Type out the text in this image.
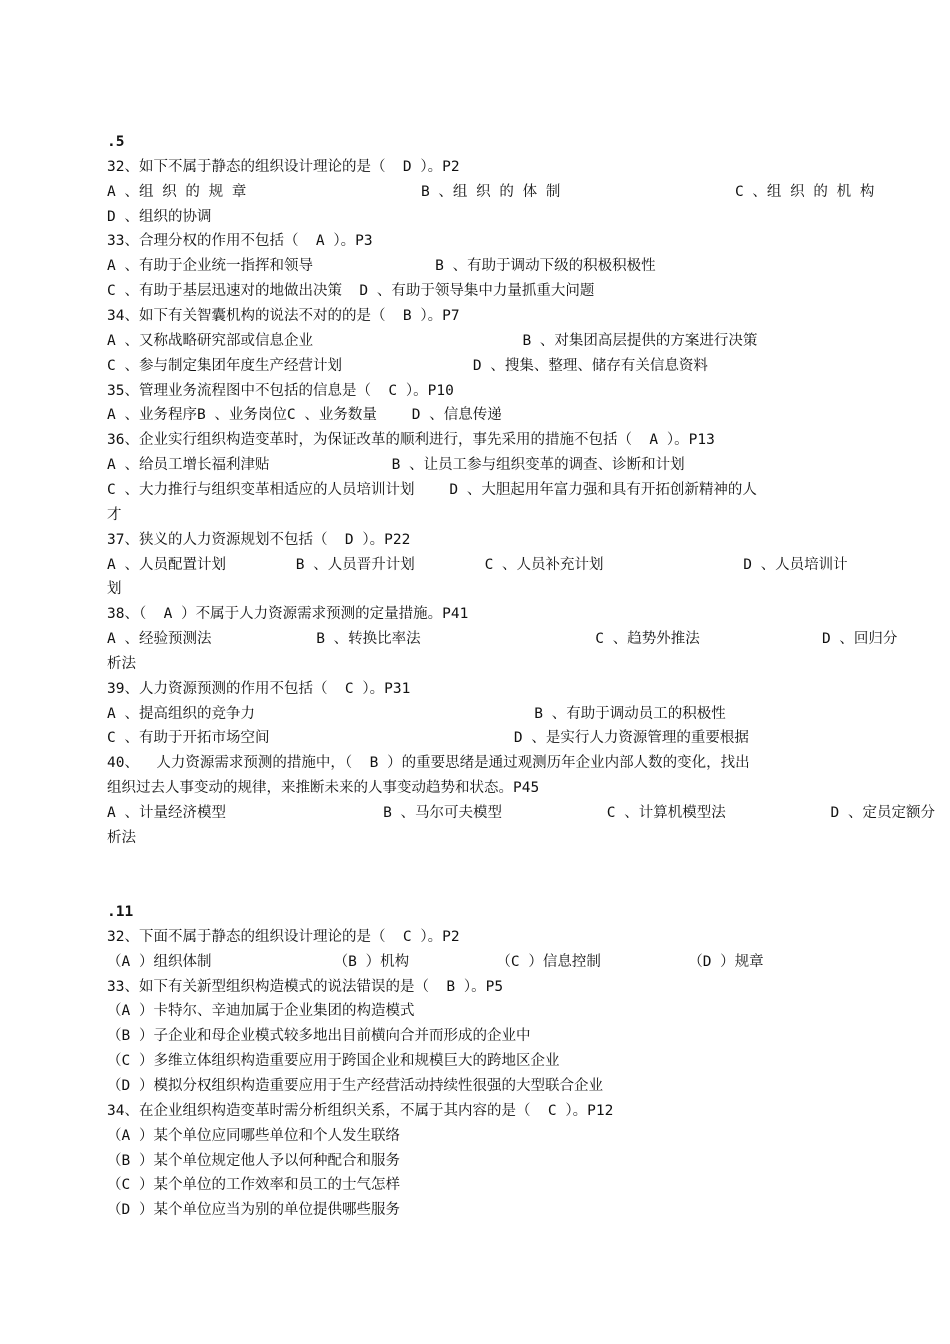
.5
32、如下不属于静态的组织设计理论的是（  D ）。P2
A 、组 织 的 规 章                    B 、组 织 的 体 制                    C 、组 织 的 机 构
D 、组织的协调
33、合理分权的作用不包括（  A ）。P3
A 、有助于企业统一指挥和领导              B 、有助于调动下级的积极积极性
C 、有助于基层迅速对的地做出决策  D 、有助于领导集中力量抓重大问题
34、如下有关智囊机构的说法不对的的是（  B ）。P7
A 、又称战略研究部或信息企业                        B 、对集团高层提供的方案进行决策
C 、参与制定集团年度生产经营计划               D 、搜集、整理、储存有关信息资料
35、管理业务流程图中不包括的信息是（  C ）。P10
A 、业务程序B 、业务岗位C 、业务数量    D 、信息传递
36、企业实行组织构造变革时，为保证改革的顺利进行，事先采用的措施不包括（  A ）。P13
A 、给员工增长福利津贴              B 、让员工参与组织变革的调查、诊断和计划
C 、大力推行与组织变革相适应的人员培训计划    D 、大胆起用年富力强和具有开拓创新精神的人
才
37、狭义的人力资源规划不包括（  D ）。P22
A 、人员配置计划        B 、人员晋升计划        C 、人员补充计划                D 、人员培训计
划
38、（  A ）不属于人力资源需求预测的定量措施。P41
A 、经验预测法            B 、转换比率法                    C 、趋势外推法              D 、回归分
析法
39、人力资源预测的作用不包括（  C ）。P31
A 、提高组织的竞争力                                B 、有助于调动员工的积极性
C 、有助于开拓市场空间                            D 、是实行人力资源管理的重要根据
40、  人力资源需求预测的措施中，（  B ）的重要思绪是通过观测历年企业内部人数的变化，找出
组织过去人事变动的规律，来推断未来的人事变动趋势和状态。P45
A 、计量经济模型                  B 、马尔可夫模型            C 、计算机模型法            D 、定员定额分
析法
.11
32、下面不属于静态的组织设计理论的是（  C ）。P2
（A ）组织体制              （B ）机构          （C ）信息控制          （D ）规章
33、如下有关新型组织构造模式的说法错误的是（  B ）。P5
（A ）卡特尔、辛迪加属于企业集团的构造模式
（B ）子企业和母企业模式较多地出目前横向合并而形成的企业中
（C ）多维立体组织构造重要应用于跨国企业和规模巨大的跨地区企业
（D ）模拟分权组织构造重要应用于生产经营活动持续性很强的大型联合企业
34、在企业组织构造变革时需分析组织关系，不属于其内容的是（  C ）。P12
（A ）某个单位应同哪些单位和个人发生联络
（B ）某个单位规定他人予以何种配合和服务
（C ）某个单位的工作效率和员工的士气怎样
（D ）某个单位应当为别的单位提供哪些服务
